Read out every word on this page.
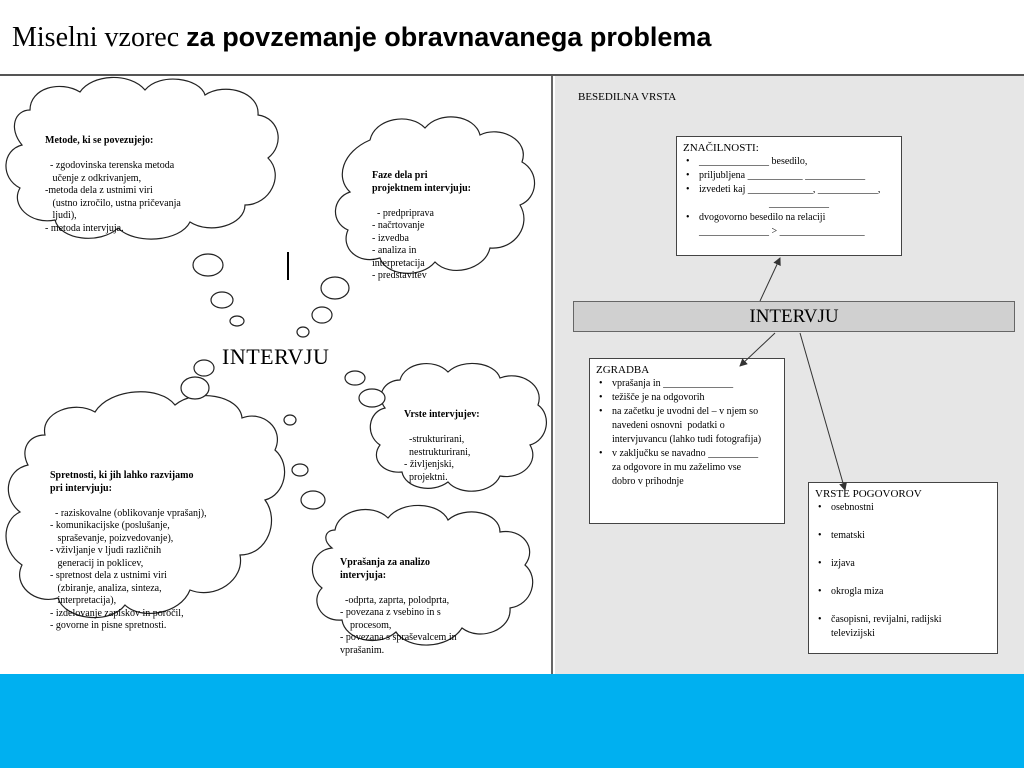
Miselni vzorec za povzemanje obravnavanega problema
INTERVJU

Metode, ki se povezujejo:

- zgodovinska terenska metoda
učenje z odkrivanjem,
-metoda dela z ustnimi viri
(ustno izročilo, ustna pričevanja
ljudi),
- metoda intervjuja.

Faze dela pri
projektnem intervjuju:

- predpriprava
- načrtovanje
- izvedba
- analiza in
interpretacija
- predstavitev

Vrste intervjujev:

-strukturirani,
nestrukturirani,
- življenjski,
projektni.

Spretnosti, ki jih lahko razvijamo
pri intervjuju:

- raziskovalne (oblikovanje vprašanj),
- komunikacijske (poslušanje,
spraševanje, poizvedovanje),
- vživljanje v ljudi različnih
generacij in poklicev,
- spretnost dela z ustnimi viri
(zbiranje, analiza, sinteza,
interpretacija),
- izdelovanje zapiskov in poročil,
- govorne in pisne spretnosti.

Vprašanja za analizo
intervjuja:

-odprta, zaprta, polodprta,
- povezana z vsebino in s
procesom,
- povezana s spraševalcem in
vprašanim.

BESEDILNA VRSTA
ZNAČILNOSTI:
• ______________ besedilo,
• priljubljena ___________ ____________
• izvedeti kaj _____________, ____________,
____________
• dvogovorno besedilo na relaciji
______________ > _________________
INTERVJU
ZGRADBA
• vprašanja in ______________
• težišče je na odgovorih
• na začetku je uvodni del – v njem so
navedeni osnovni  podatki o
intervjuvancu (lahko tudi fotografija)
• v zaključku se navadno __________
za odgovore in mu zaželimo vse
dobro v prihodnje
VRSTE POGOVOROV
• osebnostni
• tematski
• izjava
• okrogla miza
• časopisni, revijalni, radijski
televizijski
